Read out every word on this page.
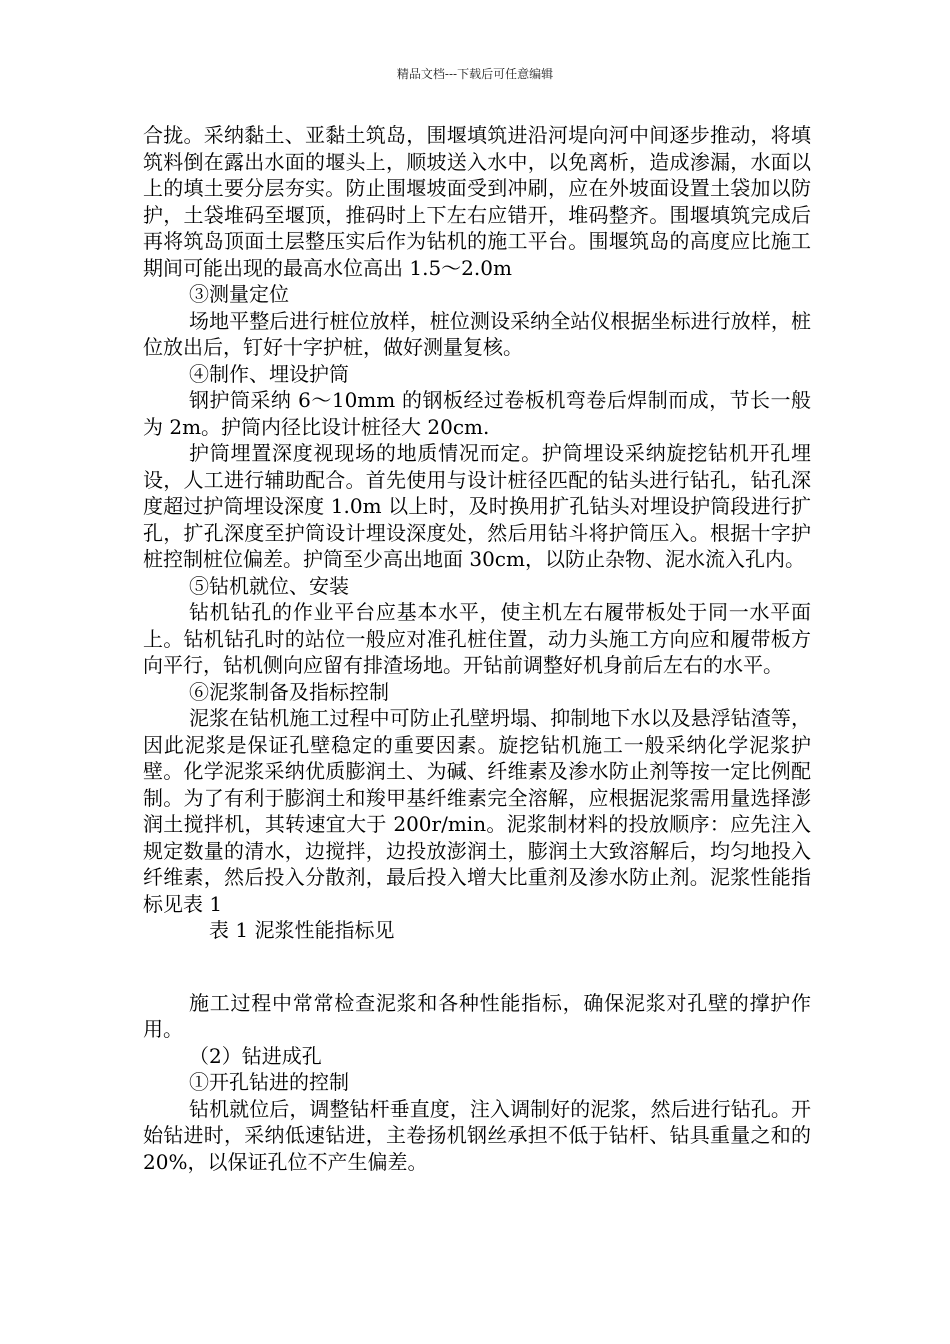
精品文档---下载后可任意编辑

合拢。采纳黏土、亚黏土筑岛，围堰填筑进沿河堤向河中间逐步推动，将填筑料倒在露出水面的堰头上，顺坡送入水中，以免离析，造成渗漏，水面以上的填土要分层夯实。防止围堰坡面受到冲刷，应在外坡面设置土袋加以防护，土袋堆码至堰顶，推码时上下左右应错开，堆码整齐。围堰填筑完成后再将筑岛顶面土层整压实后作为钻机的施工平台。围堰筑岛的高度应比施工期间可能出现的最高水位高出 1.5～2.0m

③测量定位

场地平整后进行桩位放样，桩位测设采纳全站仪根据坐标进行放样，桩位放出后，钉好十字护桩，做好测量复核。

④制作、埋设护筒

钢护筒采纳 6～10mm 的钢板经过卷板机弯卷后焊制而成，节长一般为 2m。护筒内径比设计桩径大 20cm.

护筒埋置深度视现场的地质情况而定。护筒埋设采纳旋挖钻机开孔埋设，人工进行辅助配合。首先使用与设计桩径匹配的钻头进行钻孔，钻孔深度超过护筒埋设深度 1.0m 以上时，及时换用扩孔钻头对埋设护筒段进行扩孔，扩孔深度至护筒设计埋设深度处，然后用钻斗将护筒压入。根据十字护桩控制桩位偏差。护筒至少高出地面 30cm，以防止杂物、泥水流入孔内。

⑤钻机就位、安装

钻机钻孔的作业平台应基本水平，使主机左右履带板处于同一水平面上。钻机钻孔时的站位一般应对准孔桩住置，动力头施工方向应和履带板方向平行，钻机侧向应留有排渣场地。开钻前调整好机身前后左右的水平。

⑥泥浆制备及指标控制

泥浆在钻机施工过程中可防止孔壁坍塌、抑制地下水以及悬浮钻渣等，因此泥浆是保证孔壁稳定的重要因素。旋挖钻机施工一般采纳化学泥浆护壁。化学泥浆采纳优质膨润土、为碱、纤维素及渗水防止剂等按一定比例配制。为了有利于膨润土和羧甲基纤维素完全溶解，应根据泥浆需用量选择澎润土搅拌机，其转速宜大于 200r/min。泥浆制材料的投放顺序：应先注入规定数量的清水，边搅拌，边投放澎润土，膨润土大致溶解后，均匀地投入纤维素，然后投入分散剂，最后投入增大比重剂及渗水防止剂。泥浆性能指标见表 1

表 1 泥浆性能指标见

施工过程中常常检查泥浆和各种性能指标，确保泥浆对孔壁的撑护作用。

（2）钻进成孔

①开孔钻进的控制

钻机就位后，调整钻杆垂直度，注入调制好的泥浆，然后进行钻孔。开始钻进时，采纳低速钻进，主卷扬机钢丝承担不低于钻杆、钻具重量之和的 20%，以保证孔位不产生偏差。
